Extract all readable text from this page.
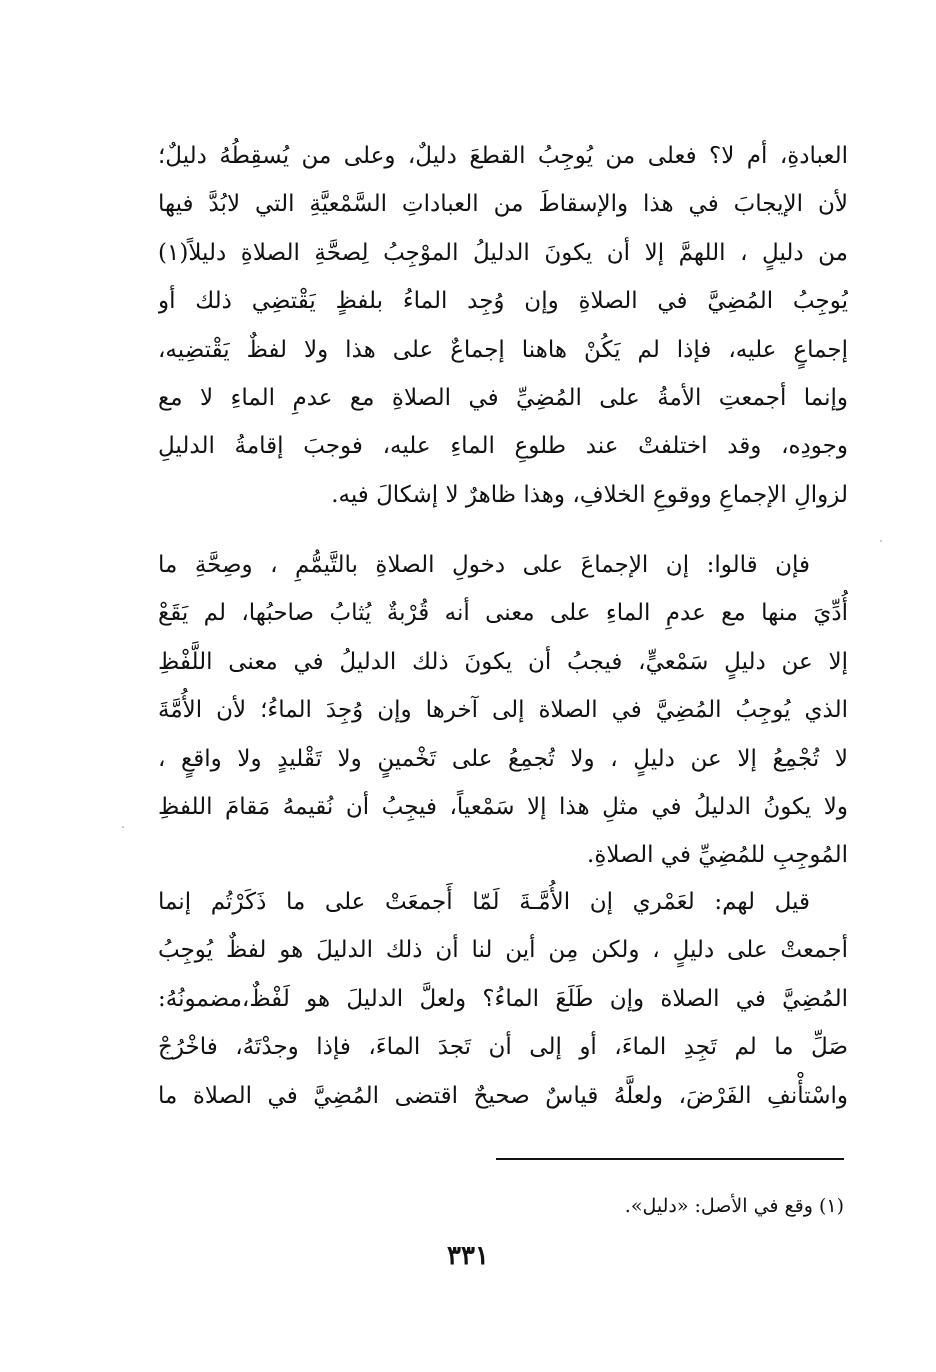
العبادةِ، أم لا؟ فعلى من يُوجِبُ القطعَ دليلٌ، وعلى من يُسقِطُهُ دليلٌ؛
لأن الإيجابَ في هذا والإسقاطَ من العباداتِ السَّمْعيَّةِ التي لابُدَّ فيها
من دليلٍ ، اللهمَّ إلا أن يكونَ الدليلُ الموْجِبُ لِصحَّةِ الصلاةِ دليلاً(١)
يُوجِبُ المُضِيَّ في الصلاةِ وإن وُجِد الماءُ بلفظٍ يَقْتضِي ذلك أو
إجماعٍ عليه، فإذا لم يَكُنْ هاهنا إجماعٌ على هذا ولا لفظٌ يَقْتضِيه،
وإنما أجمعتِ الأمةُ على المُضِيِّ في الصلاةِ مع عدمِ الماءِ لا مع
وجودِه، وقد اختلفتْ عند طلوعِ الماءِ عليه، فوجبَ إقامةُ الدليلِ
لزوالِ الإجماعِ ووقوعِ الخلافِ، وهذا ظاهرٌ لا إشكالَ فيه.
فإن قالوا: إن الإجماعَ على دخولِ الصلاةِ بالتَّيمُّمِ ، وصِحَّةِ ما
أُدِّيَ منها مع عدمِ الماءِ على معنى أنه قُرْبةٌ يُثابُ صاحبُها، لم يَقَعْ
إلا عن دليلٍ سَمْعيٍّ، فيجبُ أن يكونَ ذلك الدليلُ في معنى اللَّفْظِ
الذي يُوجِبُ المُضِيَّ في الصلاة إلى آخرها وإن وُجِدَ الماءُ؛ لأن الأُمَّةَ
لا تُجْمِعُ إلا عن دليلٍ ، ولا تُجمِعُ على تَخْمينٍ ولا تَقْليدٍ ولا واقعٍ ،
ولا يكونُ الدليلُ في مثلِ هذا إلا سَمْعياً، فيجِبُ أن نُقيمهُ مَقامَ اللفظِ
المُوجِبِ للمُضِيِّ في الصلاةِ.
قيل لهم: لعَمْري إن الأُمَّـةَ لَمّا أَجمعَتْ على ما ذَكَرْتُم إنما
أجمعتْ على دليلٍ ، ولكن مِن أين لنا أن ذلك الدليلَ هو لفظٌ يُوجِبُ
المُضِيَّ في الصلاة وإن طَلَعَ الماءُ؟ ولعلَّ الدليلَ هو لَفْظٌ،مضمونُهُ:
صَلِّ ما لم تَجِدِ الماءَ، أو إلى أن تَجدَ الماءَ، فإذا وجدْتَهُ، فاخْرُجْ
واسْتأْنفِ الفَرْضَ، ولعلَّهُ قياسٌ صحيحٌ اقتضى المُضِيَّ في الصلاة ما
(١) وقع في الأصل: «دليل».
٣٣١
